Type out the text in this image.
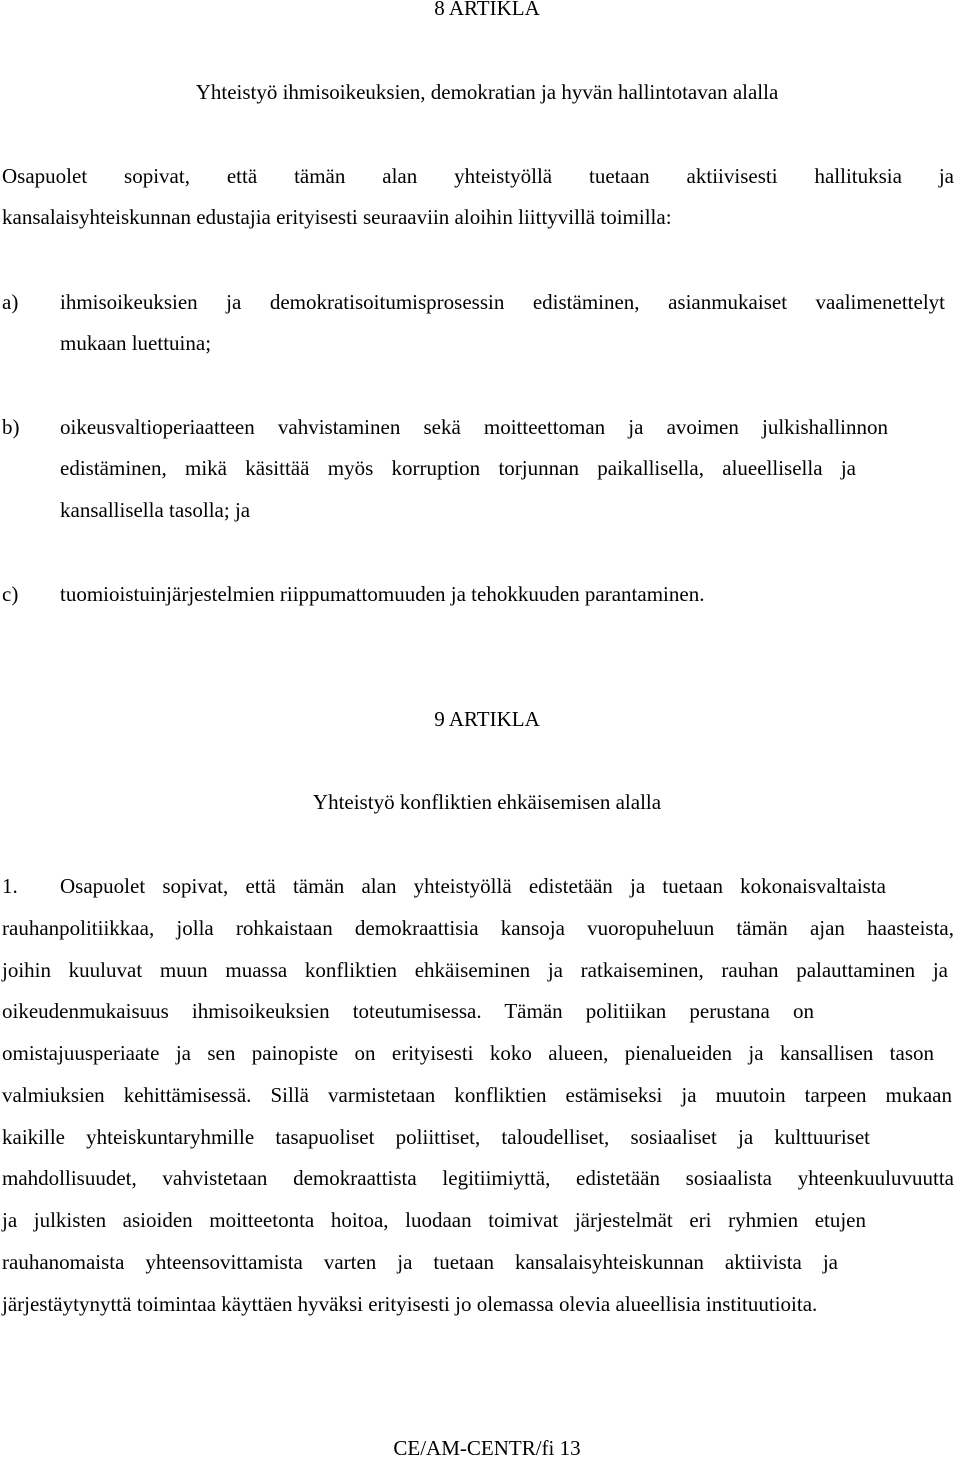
8 ARTIKLA
Yhteistyö ihmisoikeuksien, demokratian ja hyvän hallintotavan alalla
Osapuolet sopivat, että tämän alan yhteistyöllä tuetaan aktiivisesti hallituksia ja
kansalaisyhteiskunnan edustajia erityisesti seuraaviin aloihin liittyvillä toimilla:
a) ihmisoikeuksien ja demokratisoitumisprosessin edistäminen, asianmukaiset vaalimenettelyt
mukaan luettuina;
b) oikeusvaltioperiaatteen vahvistaminen sekä moitteettoman ja avoimen julkishallinnon
edistäminen, mikä käsittää myös korruption torjunnan paikallisella, alueellisella ja
kansallisella tasolla; ja
c) tuomioistuinjärjestelmien riippumattomuuden ja tehokkuuden parantaminen.
9 ARTIKLA
Yhteistyö konfliktien ehkäisemisen alalla
1. Osapuolet sopivat, että tämän alan yhteistyöllä edistetään ja tuetaan kokonaisvaltaista
rauhanpolitiikkaa, jolla rohkaistaan demokraattisia kansoja vuoropuheluun tämän ajan haasteista,
joihin kuuluvat muun muassa konfliktien ehkäiseminen ja ratkaiseminen, rauhan palauttaminen ja
oikeudenmukaisuus ihmisoikeuksien toteutumisessa. Tämän politiikan perustana on
omistajuusperiaate ja sen painopiste on erityisesti koko alueen, pienalueiden ja kansallisen tason
valmiuksien kehittämisessä. Sillä varmistetaan konfliktien estämiseksi ja muutoin tarpeen mukaan
kaikille yhteiskuntaryhmille tasapuoliset poliittiset, taloudelliset, sosiaaliset ja kulttuuriset
mahdollisuudet, vahvistetaan demokraattista legitiimiyttä, edistetään sosiaalista yhteenkuuluvuutta
ja julkisten asioiden moitteetonta hoitoa, luodaan toimivat järjestelmät eri ryhmien etujen
rauhanomaista yhteensovittamista varten ja tuetaan kansalaisyhteiskunnan aktiivista ja
järjestäytynyttä toimintaa käyttäen hyväksi erityisesti jo olemassa olevia alueellisia instituutioita.
CE/AM-CENTR/fi 13
